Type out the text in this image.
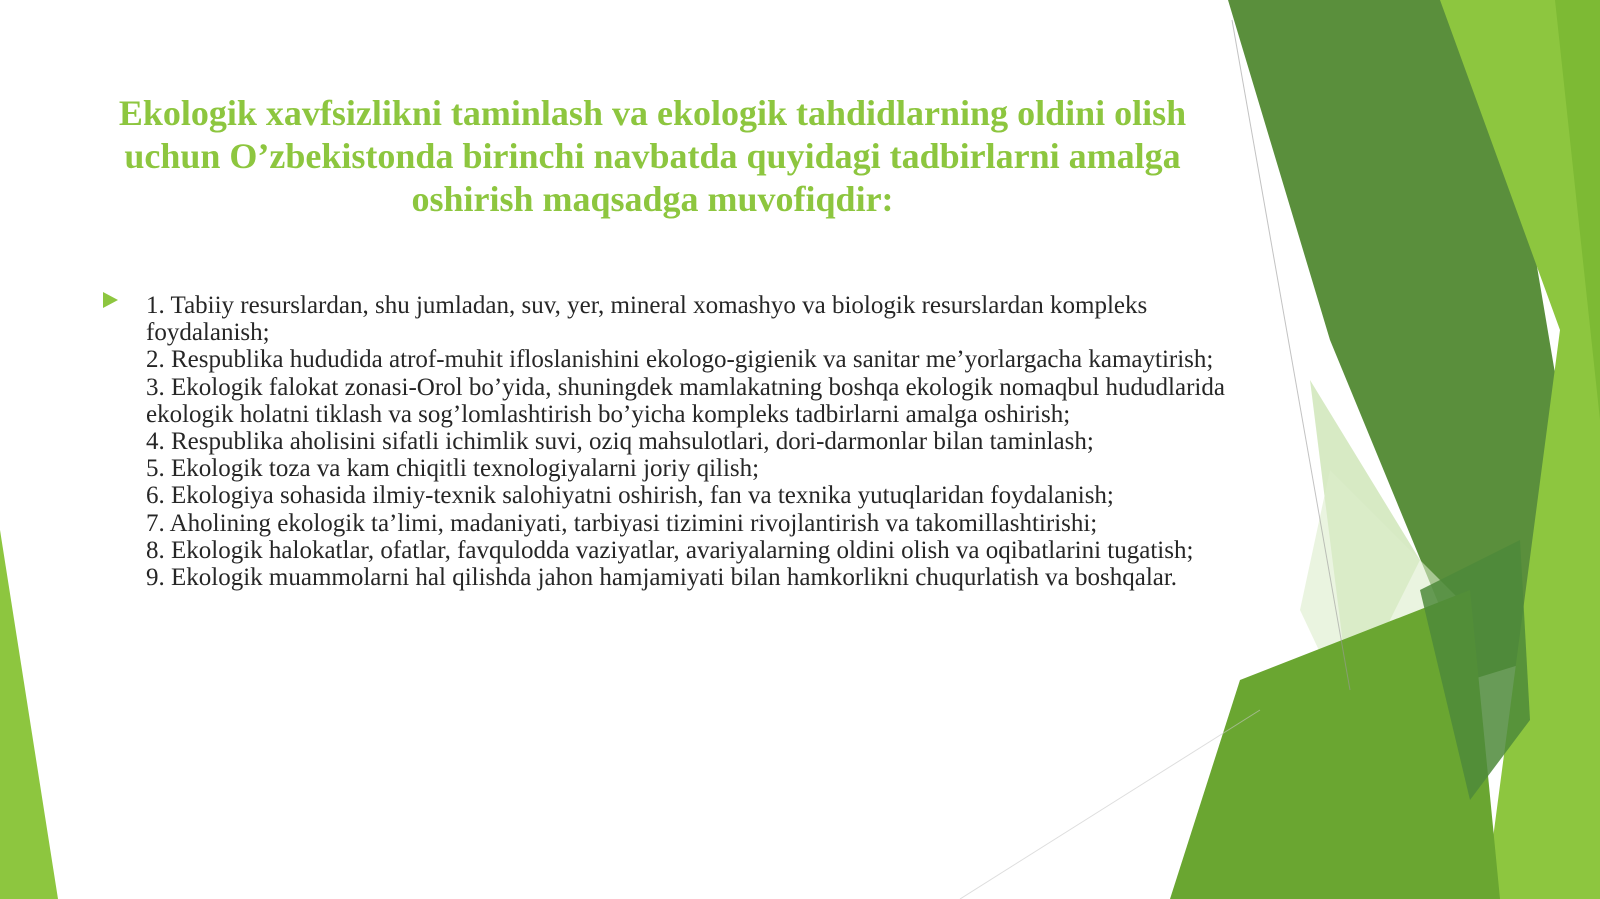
Ekologik xavfsizlikni taminlash va ekologik tahdidlarning oldini olish uchun O’zbekistonda birinchi navbatda quyidagi tadbirlarni amalga oshirish maqsadga muvofiqdir:
1. Tabiiy resurslardan, shu jumladan, suv, yer, mineral xomashyo va biologik resurslardan kompleks foydalanish;
2. Respublika hududida atrof-muhit ifloslanishini ekologo-gigienik va sanitar me’yorlargacha kamaytirish;
3. Ekologik falokat zonasi-Orol bo’yida, shuningdek mamlakatning boshqa ekologik nomaqbul hududlarida ekologik holatni tiklash va sog’lomlashtirish bo’yicha kompleks tadbirlarni amalga oshirish;
4. Respublika aholisini sifatli ichimlik suvi, oziq mahsulotlari, dori-darmonlar bilan taminlash;
5. Ekologik toza va kam chiqitli texnologiyalarni joriy qilish;
6. Ekologiya sohasida ilmiy-texnik salohiyatni oshirish, fan va texnika yutuqlaridan foydalanish;
7. Aholining ekologik ta’limi, madaniyati, tarbiyasi tizimini rivojlantirish va takomillashtirishi;
8. Ekologik halokatlar, ofatlar, favqulodda vaziyatlar, avariyalarning oldini olish va oqibatlarini tugatish;
9. Ekologik muammolarni hal qilishda jahon hamjamiyati bilan hamkorlikni chuqurlatish va boshqalar.
